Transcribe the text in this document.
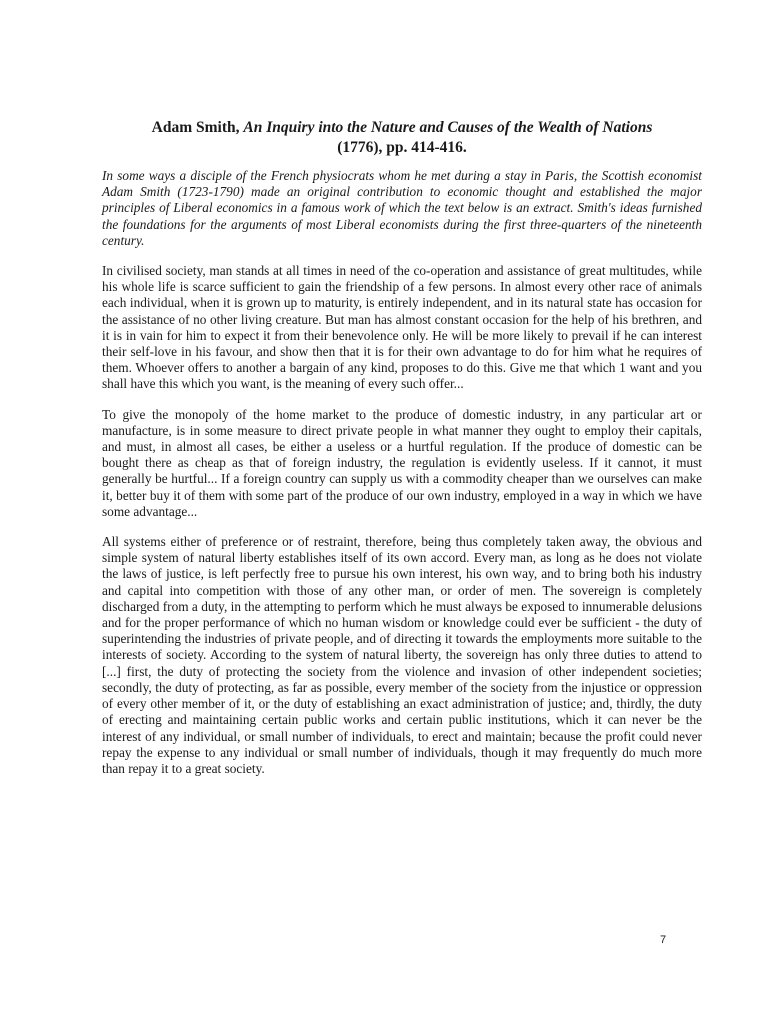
Adam Smith, An Inquiry into the Nature and Causes of the Wealth of Nations
(1776), pp. 414-416.

In some ways a disciple of the French physiocrats whom he met during a stay in Paris, the Scottish economist Adam Smith (1723-1790) made an original contribution to economic thought and established the major principles of Liberal economics in a famous work of which the text below is an extract. Smith's ideas furnished the foundations for the arguments of most Liberal economists during the first three-quarters of the nineteenth century.

In civilised society, man stands at all times in need of the co-operation and assistance of great multitudes, while his whole life is scarce sufficient to gain the friendship of a few persons. In almost every other race of animals each individual, when it is grown up to maturity, is entirely independent, and in its natural state has occasion for the assistance of no other living creature. But man has almost constant occasion for the help of his brethren, and it is in vain for him to expect it from their benevolence only. He will be more likely to prevail if he can interest their self-love in his favour, and show then that it is for their own advantage to do for him what he requires of them. Whoever offers to another a bargain of any kind, proposes to do this. Give me that which 1 want and you shall have this which you want, is the meaning of every such offer...

To give the monopoly of the home market to the produce of domestic industry, in any particular art or manufacture, is in some measure to direct private people in what manner they ought to employ their capitals, and must, in almost all cases, be either a useless or a hurtful regulation. If the produce of domestic can be bought there as cheap as that of foreign industry, the regulation is evidently useless. If it cannot, it must generally be hurtful... If a foreign country can supply us with a commodity cheaper than we ourselves can make it, better buy it of them with some part of the produce of our own industry, employed in a way in which we have some advantage...

All systems either of preference or of restraint, therefore, being thus completely taken away, the obvious and simple system of natural liberty establishes itself of its own accord. Every man, as long as he does not violate the laws of justice, is left perfectly free to pursue his own interest, his own way, and to bring both his industry and capital into competition with those of any other man, or order of men. The sovereign is completely discharged from a duty, in the attempting to perform which he must always be exposed to innumerable delusions and for the proper performance of which no human wisdom or knowledge could ever be sufficient - the duty of superintending the industries of private people, and of directing it towards the employments more suitable to the interests of society. According to the system of natural liberty, the sovereign has only three duties to attend to [...] first, the duty of protecting the society from the violence and invasion of other independent societies; secondly, the duty of protecting, as far as possible, every member of the society from the injustice or oppression of every other member of it, or the duty of establishing an exact administration of justice; and, thirdly, the duty of erecting and maintaining certain public works and certain public institutions, which it can never be the interest of any individual, or small number of individuals, to erect and maintain; because the profit could never repay the expense to any individual or small number of individuals, though it may frequently do much more than repay it to a great society.

7
